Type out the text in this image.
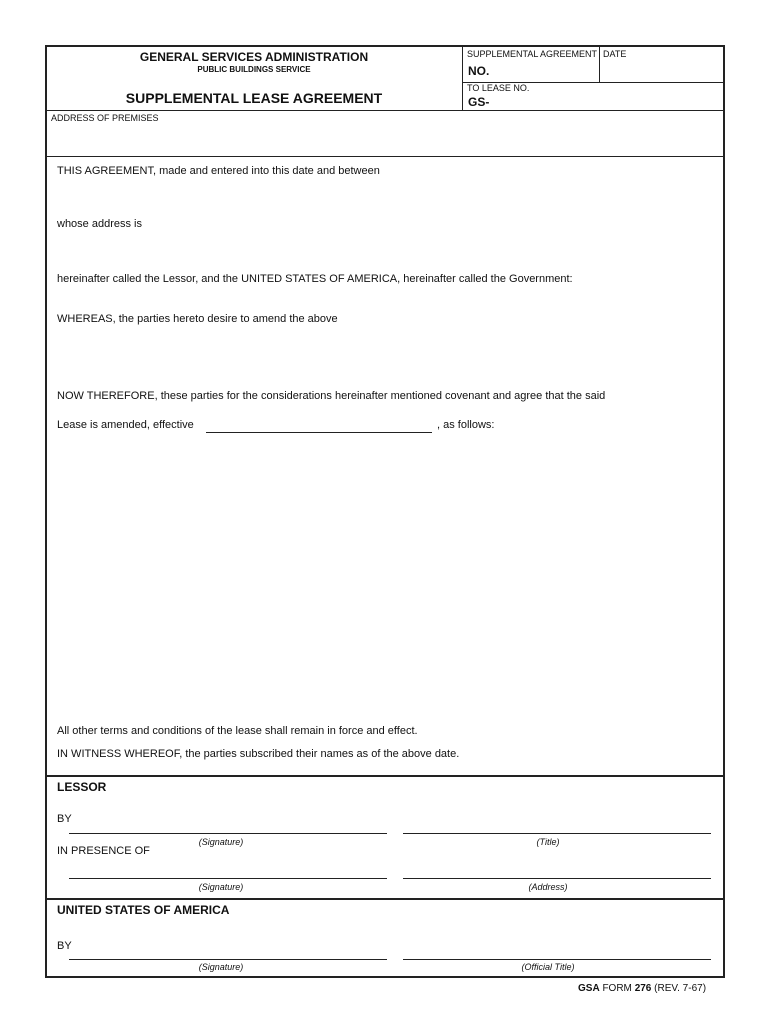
GENERAL SERVICES ADMINISTRATION
PUBLIC BUILDINGS SERVICE
SUPPLEMENTAL LEASE AGREEMENT
SUPPLEMENTAL AGREEMENT
NO.
DATE
TO LEASE NO.
GS-
ADDRESS OF PREMISES
THIS AGREEMENT, made and entered into this date and between
whose address is
hereinafter called the Lessor, and the UNITED STATES OF AMERICA, hereinafter called the Government:
WHEREAS, the parties hereto desire to amend the above
NOW THEREFORE, these parties for the considerations hereinafter mentioned covenant and agree that the said
Lease is amended, effective	, as follows:
All other terms and conditions of the lease shall remain in force and effect.
IN WITNESS WHEREOF, the parties subscribed their names as of the above date.
LESSOR
BY
(Signature)	(Title)
IN PRESENCE OF
(Signature)	(Address)
UNITED STATES OF AMERICA
BY
(Signature)	(Official Title)
GSA FORM 276 (REV. 7-67)
